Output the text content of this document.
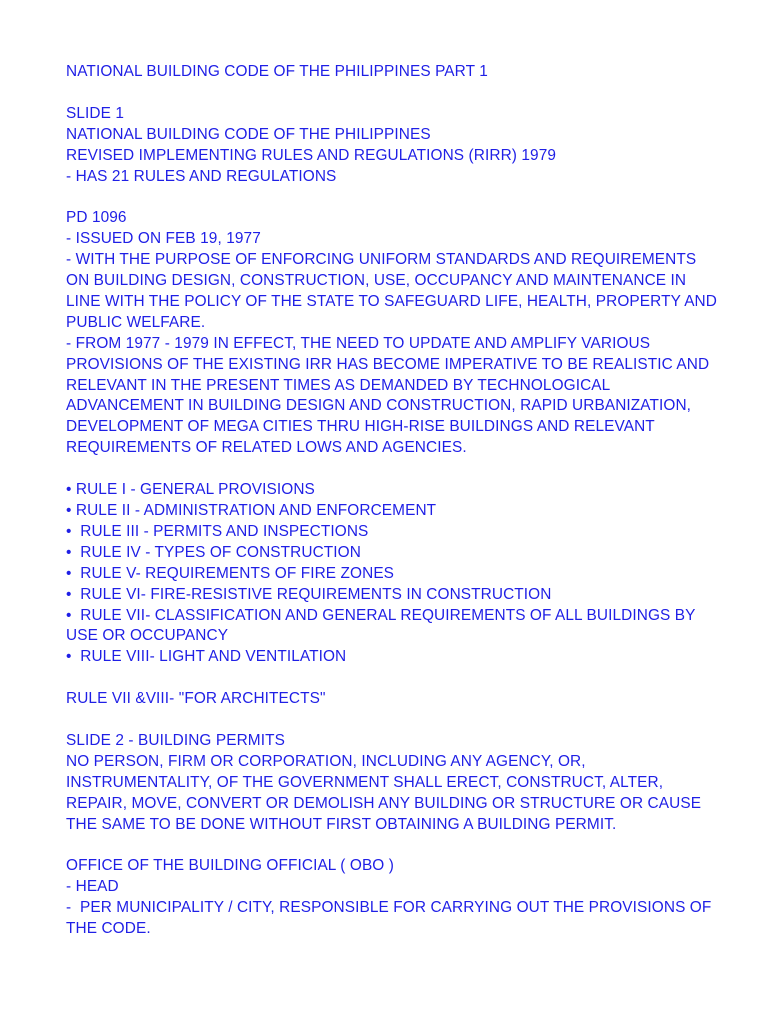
NATIONAL BUILDING CODE OF THE PHILIPPINES PART 1
SLIDE 1
NATIONAL BUILDING CODE OF THE PHILIPPINES
REVISED IMPLEMENTING RULES AND REGULATIONS (RIRR) 1979
- HAS 21 RULES AND REGULATIONS
PD 1096
- ISSUED ON FEB 19, 1977
- WITH THE PURPOSE OF ENFORCING UNIFORM STANDARDS AND REQUIREMENTS
ON BUILDING DESIGN, CONSTRUCTION, USE, OCCUPANCY AND MAINTENANCE IN
LINE WITH THE POLICY OF THE STATE TO SAFEGUARD LIFE, HEALTH, PROPERTY AND
PUBLIC WELFARE.
- FROM 1977 - 1979 IN EFFECT, THE NEED TO UPDATE AND AMPLIFY VARIOUS
PROVISIONS OF THE EXISTING IRR HAS BECOME IMPERATIVE TO BE REALISTIC AND
RELEVANT IN THE PRESENT TIMES AS DEMANDED BY TECHNOLOGICAL
ADVANCEMENT IN BUILDING DESIGN AND CONSTRUCTION, RAPID URBANIZATION,
DEVELOPMENT OF MEGA CITIES THRU HIGH-RISE BUILDINGS AND RELEVANT
REQUIREMENTS OF RELATED LOWS AND AGENCIES.
• RULE I - GENERAL PROVISIONS
• RULE II - ADMINISTRATION AND ENFORCEMENT
•  RULE III - PERMITS AND INSPECTIONS
•  RULE IV - TYPES OF CONSTRUCTION
•  RULE V- REQUIREMENTS OF FIRE ZONES
•  RULE VI- FIRE-RESISTIVE REQUIREMENTS IN CONSTRUCTION
•  RULE VII- CLASSIFICATION AND GENERAL REQUIREMENTS OF ALL BUILDINGS BY
USE OR OCCUPANCY
•  RULE VIII- LIGHT AND VENTILATION
RULE VII &VIII- "FOR ARCHITECTS"
SLIDE 2 - BUILDING PERMITS
NO PERSON, FIRM OR CORPORATION, INCLUDING ANY AGENCY, OR,
INSTRUMENTALITY, OF THE GOVERNMENT SHALL ERECT, CONSTRUCT, ALTER,
REPAIR, MOVE, CONVERT OR DEMOLISH ANY BUILDING OR STRUCTURE OR CAUSE
THE SAME TO BE DONE WITHOUT FIRST OBTAINING A BUILDING PERMIT.
OFFICE OF THE BUILDING OFFICIAL ( OBO )
- HEAD
-  PER MUNICIPALITY / CITY, RESPONSIBLE FOR CARRYING OUT THE PROVISIONS OF
THE CODE.
